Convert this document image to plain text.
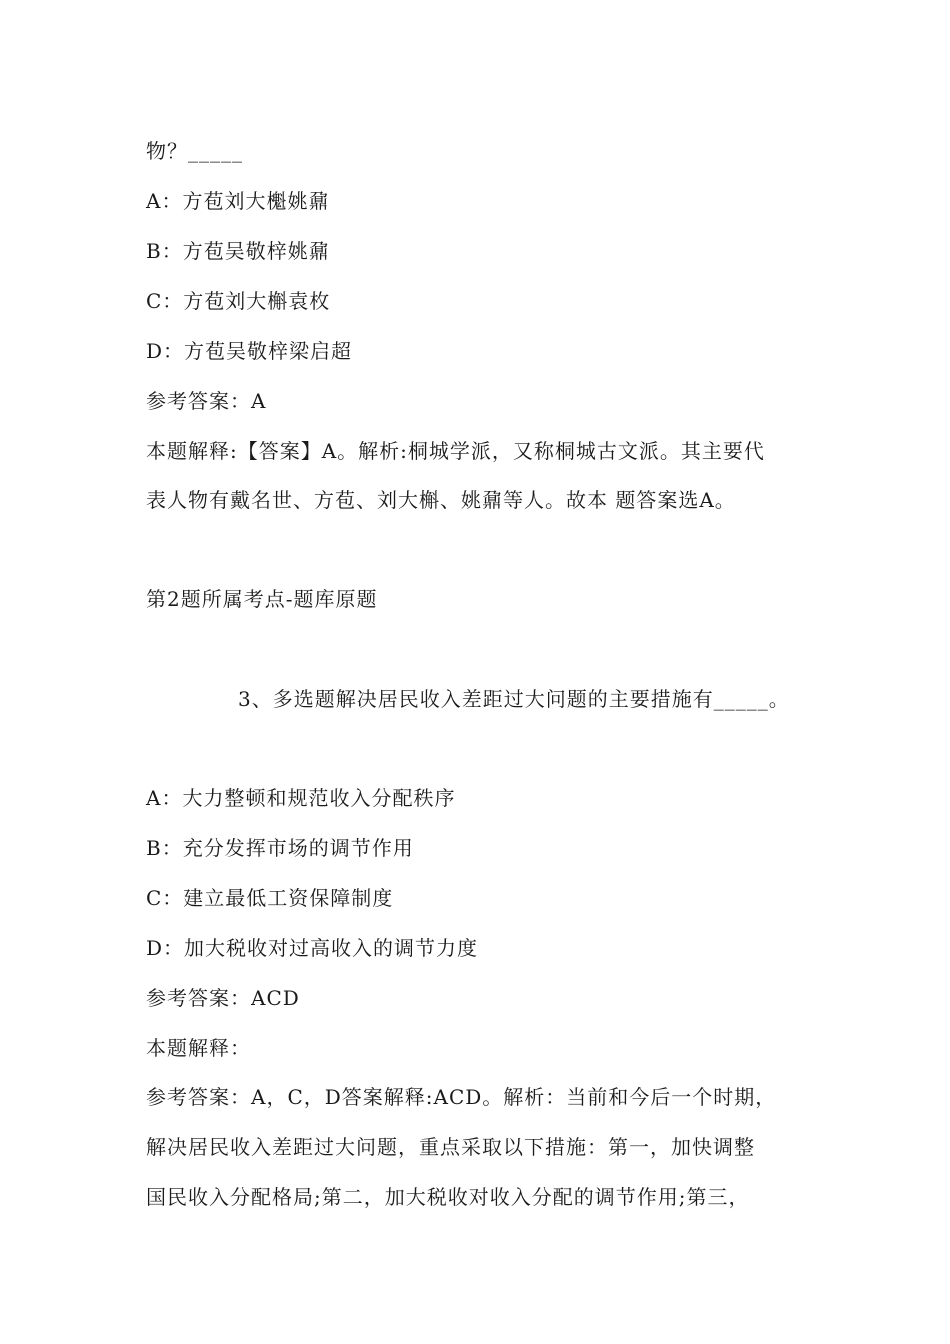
物？_____
A：方苞刘大櫆姚鼐
B：方苞吴敬梓姚鼐
C：方苞刘大槲袁枚
D：方苞吴敬梓梁启超
参考答案：A
本题解释:【答案】A。解析:桐城学派，又称桐城古文派。其主要代
表人物有戴名世、方苞、刘大槲、姚鼐等人。故本 题答案选A。
第2题所属考点-题库原题
3、多选题解决居民收入差距过大问题的主要措施有_____。
A：大力整顿和规范收入分配秩序
B：充分发挥市场的调节作用
C：建立最低工资保障制度
D：加大税收对过高收入的调节力度
参考答案：ACD
本题解释：
参考答案：A，C，D答案解释:ACD。解析：当前和今后一个时期，
解决居民收入差距过大问题，重点采取以下措施：第一，加快调整
国民收入分配格局;第二，加大税收对收入分配的调节作用;第三，
